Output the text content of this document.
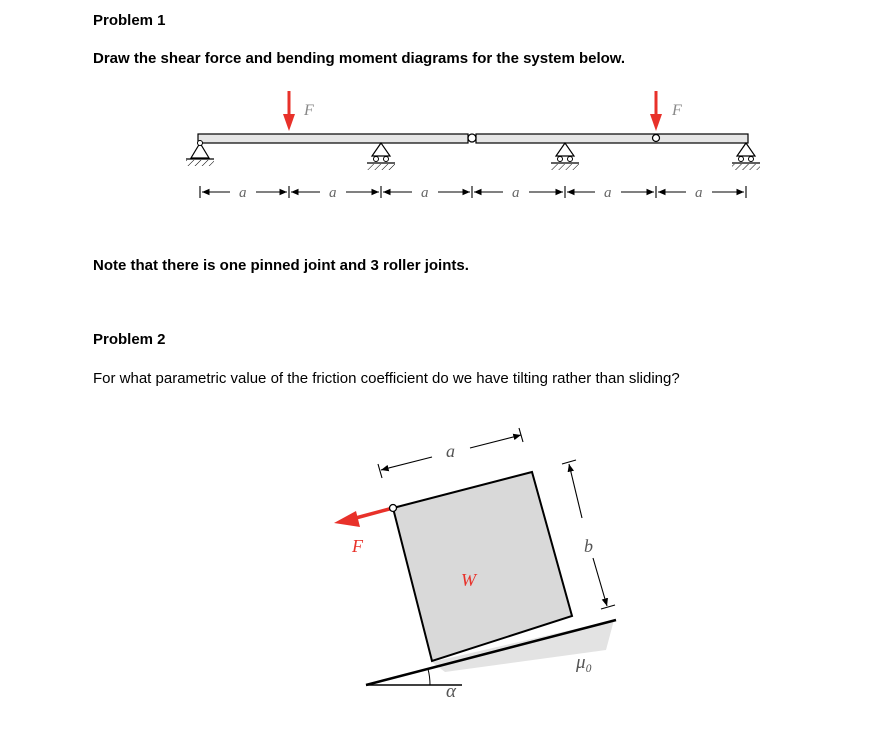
Problem 1
Draw the shear force and bending moment diagrams for the system below.
Note that there is one pinned joint and 3 roller joints.
Problem 2
For what parametric value of the friction coefficient do we have tilting rather than sliding?
F	F
a	a	a	a	a	a
a
b
F
W
μ₀
α
